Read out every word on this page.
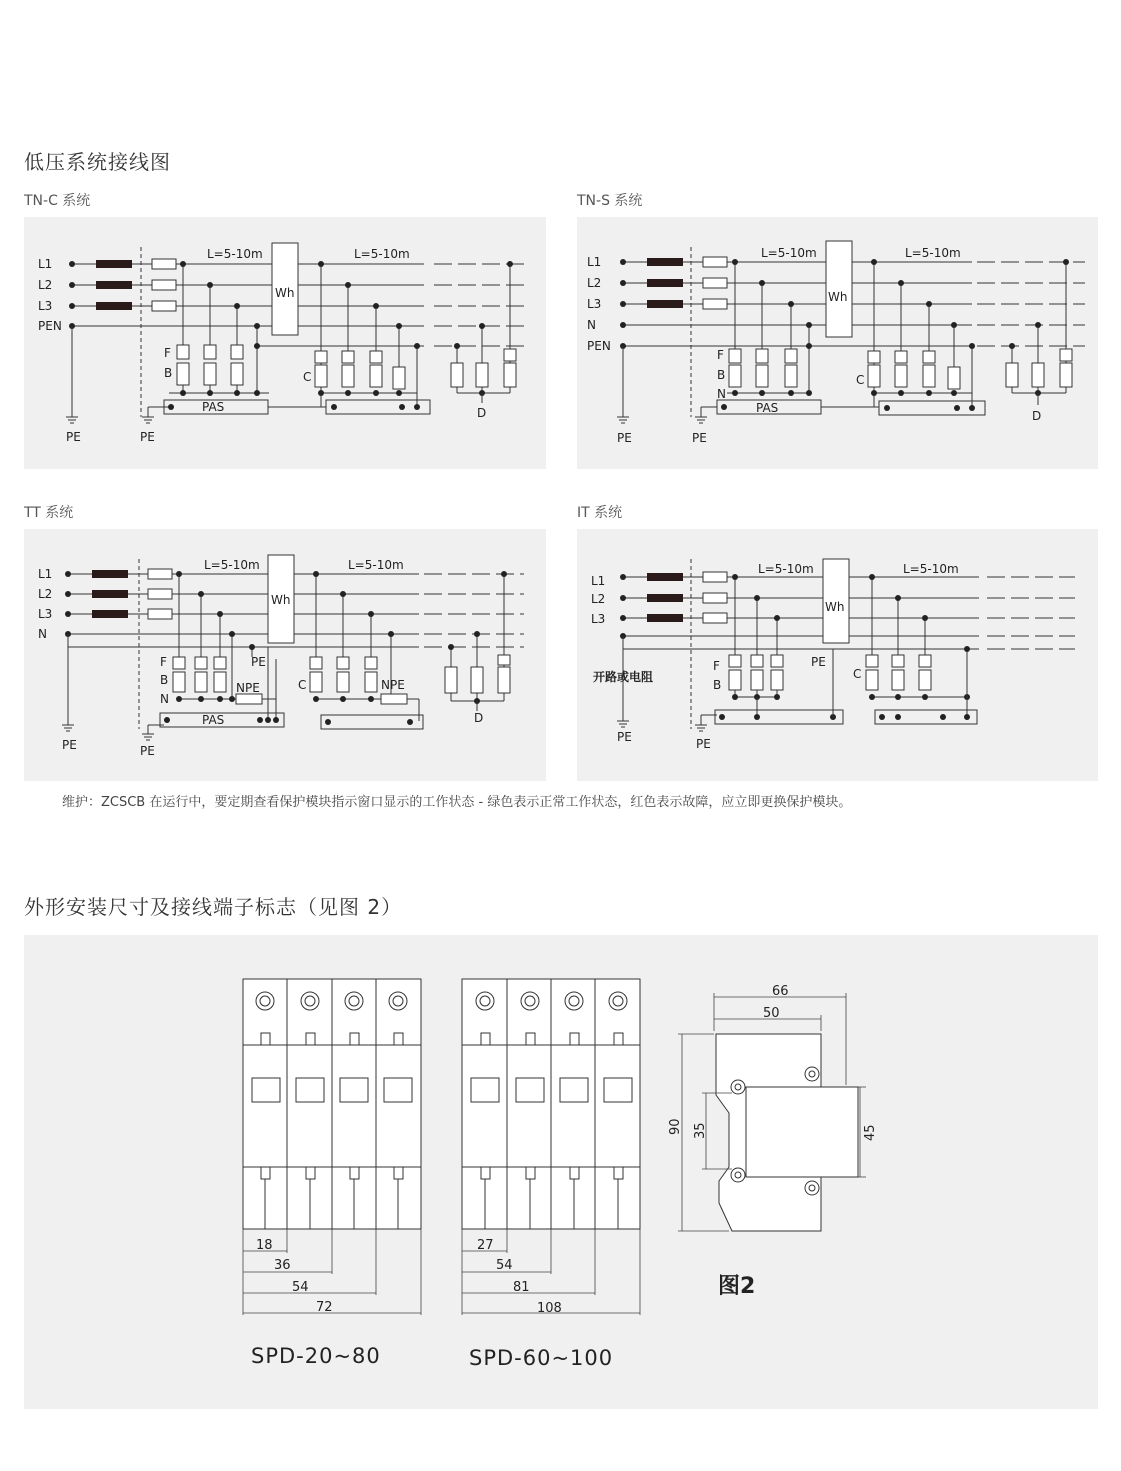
低压系统接线图
TN-C 系统
L1
L2
L3
PEN
PE	PE
L=5-10m
F
B
PAS
Wh
L=5-10m
C
D
TN-S 系统
L1
L2
L3
N
PEN
PE	PE
L=5-10m
F
B
N
PAS
Wh
L=5-10m
C
D
TT 系统
L1
L2
L3
N
PE	PE
L=5-10m
F
B
N
PE
NPE
PAS
Wh
L=5-10m
C	NPE
D
IT 系统
L1
L2
L3
开路或电阻
PE	PE
L=5-10m
F
B
PE
Wh
L=5-10m
C
维护：ZCSCB 在运行中，要定期查看保护模块指示窗口显示的工作状态 - 绿色表示正常工作状态，红色表示故障，应立即更换保护模块。
外形安装尺寸及接线端子标志（见图 2）
18
36
54
72
SPD-20~80
27
54
81
108
SPD-60~100
66
50
90 35	45
图2
